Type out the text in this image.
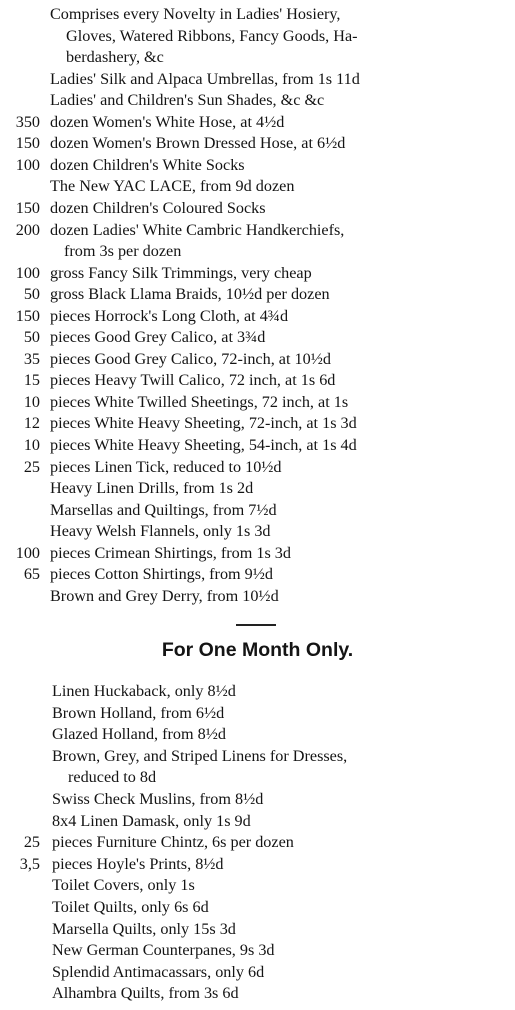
Comprises every Novelty in Ladies' Hosiery,
Gloves, Watered Ribbons, Fancy Goods, Ha-
berdashery, &c
Ladies' Silk and Alpaca Umbrellas, from 1s 11d
Ladies' and Children's Sun Shades, &c &c
350 dozen Women's White Hose, at 4½d
150 dozen Women's Brown Dressed Hose, at 6½d
100 dozen Children's White Socks
The New YAC LACE, from 9d dozen
150 dozen Children's Coloured Socks
200 dozen Ladies' White Cambric Handkerchiefs,
from 3s per dozen
100 gross Fancy Silk Trimmings, very cheap
50 gross Black Llama Braids, 10½d per dozen
150 pieces Horrock's Long Cloth, at 4¾d
50 pieces Good Grey Calico, at 3¾d
35 pieces Good Grey Calico, 72-inch, at 10½d
15 pieces Heavy Twill Calico, 72 inch, at 1s 6d
10 pieces White Twilled Sheetings, 72 inch, at 1s
12 pieces White Heavy Sheeting, 72-inch, at 1s 3d
10 pieces White Heavy Sheeting, 54-inch, at 1s 4d
25 pieces Linen Tick, reduced to 10½d
Heavy Linen Drills, from 1s 2d
Marsellas and Quiltings, from 7½d
Heavy Welsh Flannels, only 1s 3d
100 pieces Crimean Shirtings, from 1s 3d
65 pieces Cotton Shirtings, from 9½d
Brown and Grey Derry, from 10½d
For One Month Only.
Linen Huckaback, only 8½d
Brown Holland, from 6½d
Glazed Holland, from 8½d
Brown, Grey, and Striped Linens for Dresses,
reduced to 8d
Swiss Check Muslins, from 8½d
8x4 Linen Damask, only 1s 9d
25 pieces Furniture Chintz, 6s per dozen
3,5 pieces Hoyle's Prints, 8½d
Toilet Covers, only 1s
Toilet Quilts, only 6s 6d
Marsella Quilts, only 15s 3d
New German Counterpanes, 9s 3d
Splendid Antimacassars, only 6d
Alhambra Quilts, from 3s 6d
